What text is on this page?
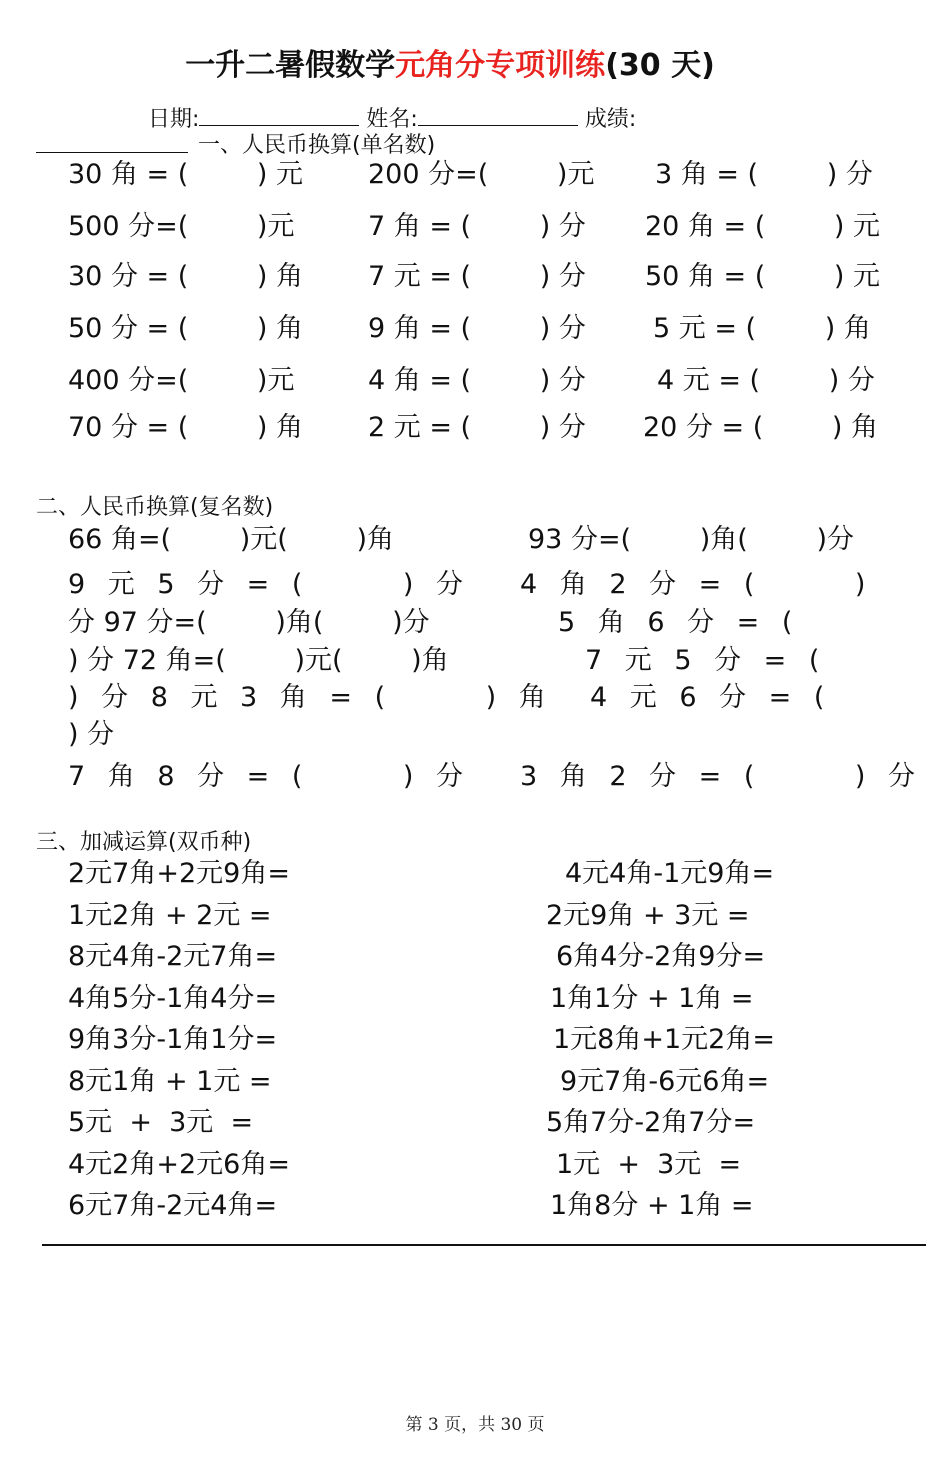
一升二暑假数学元角分专项训练(30 天)
日期:	姓名:	成绩:
一、人民币换算(单名数)
30 角 = (        ) 元 200 分=(        )元 3 角 = (        ) 分
500 分=(        )元	7 角 = (        ) 分 20 角 = (        ) 元
30 分 = (        ) 角 7 元 = (        ) 分 50 角 = (        ) 元
50 分 = (        ) 角 9 角 = (        ) 分 5 元 = (        ) 角
400 分=(        )元	4 角 = (        ) 分	4 元 = (        ) 分
70 分 = (        ) 角 2 元 = (        ) 分 20 分 = (        ) 角
二、人民币换算(复名数)
66 角=(        )元(        )角	93 分=(        )角(        )分
9 元 5 分 = (      ) 分 4 角 2 分 = (      )
分 97 分=(        )角(        )分	5 角 6 分 = (
) 分 72 角=(        )元(        )角	7 元 5 分 = (
) 分 8 元 3 角 = (      ) 角 4 元 6 分 = (
) 分
7 角 8 分 = (      ) 分 3 角 2 分 = (      ) 分
三、加减运算(双币种)
2元7角+2元9角=	4元4角-1元9角=
1元2角 + 2元 =	2元9角 + 3元 =
8元4角-2元7角=	6角4分-2角9分=
4角5分-1角4分=	1角1分 + 1角 =
9角3分-1角1分=	1元8角+1元2角=
8元1角 + 1元 =	9元7角-6元6角=
5元  +  3元  =	5角7分-2角7分=
4元2角+2元6角=	1元  +  3元  =
6元7角-2元4角=	1角8分 + 1角 =
第 3 页，共 30 页
